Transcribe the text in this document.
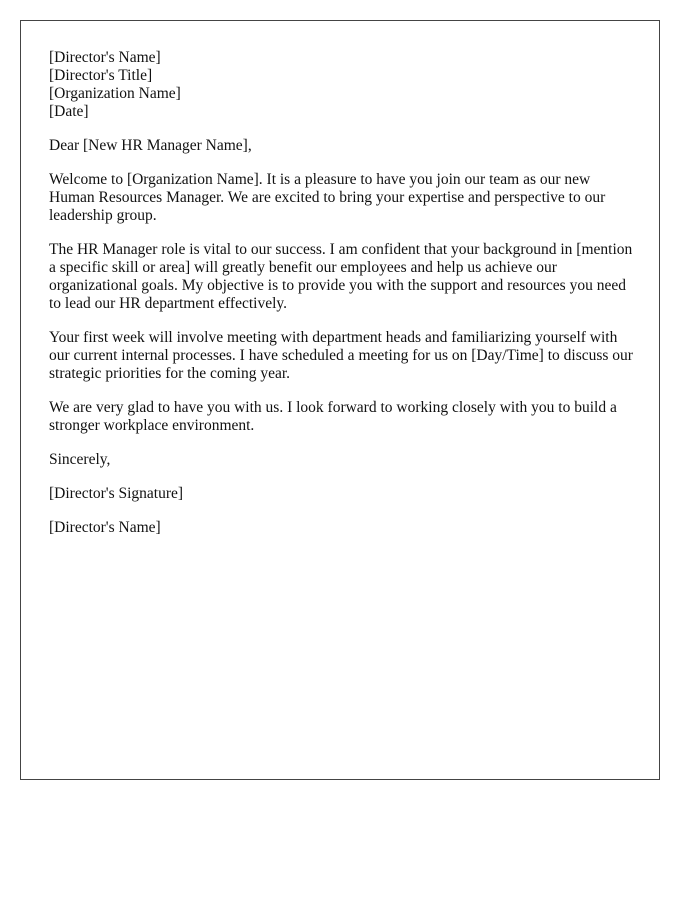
[Director's Name]
[Director's Title]
[Organization Name]
[Date]

Dear [New HR Manager Name],

Welcome to [Organization Name]. It is a pleasure to have you join our team as our new Human Resources Manager. We are excited to bring your expertise and perspective to our leadership group.

The HR Manager role is vital to our success. I am confident that your background in [mention a specific skill or area] will greatly benefit our employees and help us achieve our organizational goals. My objective is to provide you with the support and resources you need to lead our HR department effectively.

Your first week will involve meeting with department heads and familiarizing yourself with our current internal processes. I have scheduled a meeting for us on [Day/Time] to discuss our strategic priorities for the coming year.

We are very glad to have you with us. I look forward to working closely with you to build a stronger workplace environment.

Sincerely,

[Director's Signature]

[Director's Name]
